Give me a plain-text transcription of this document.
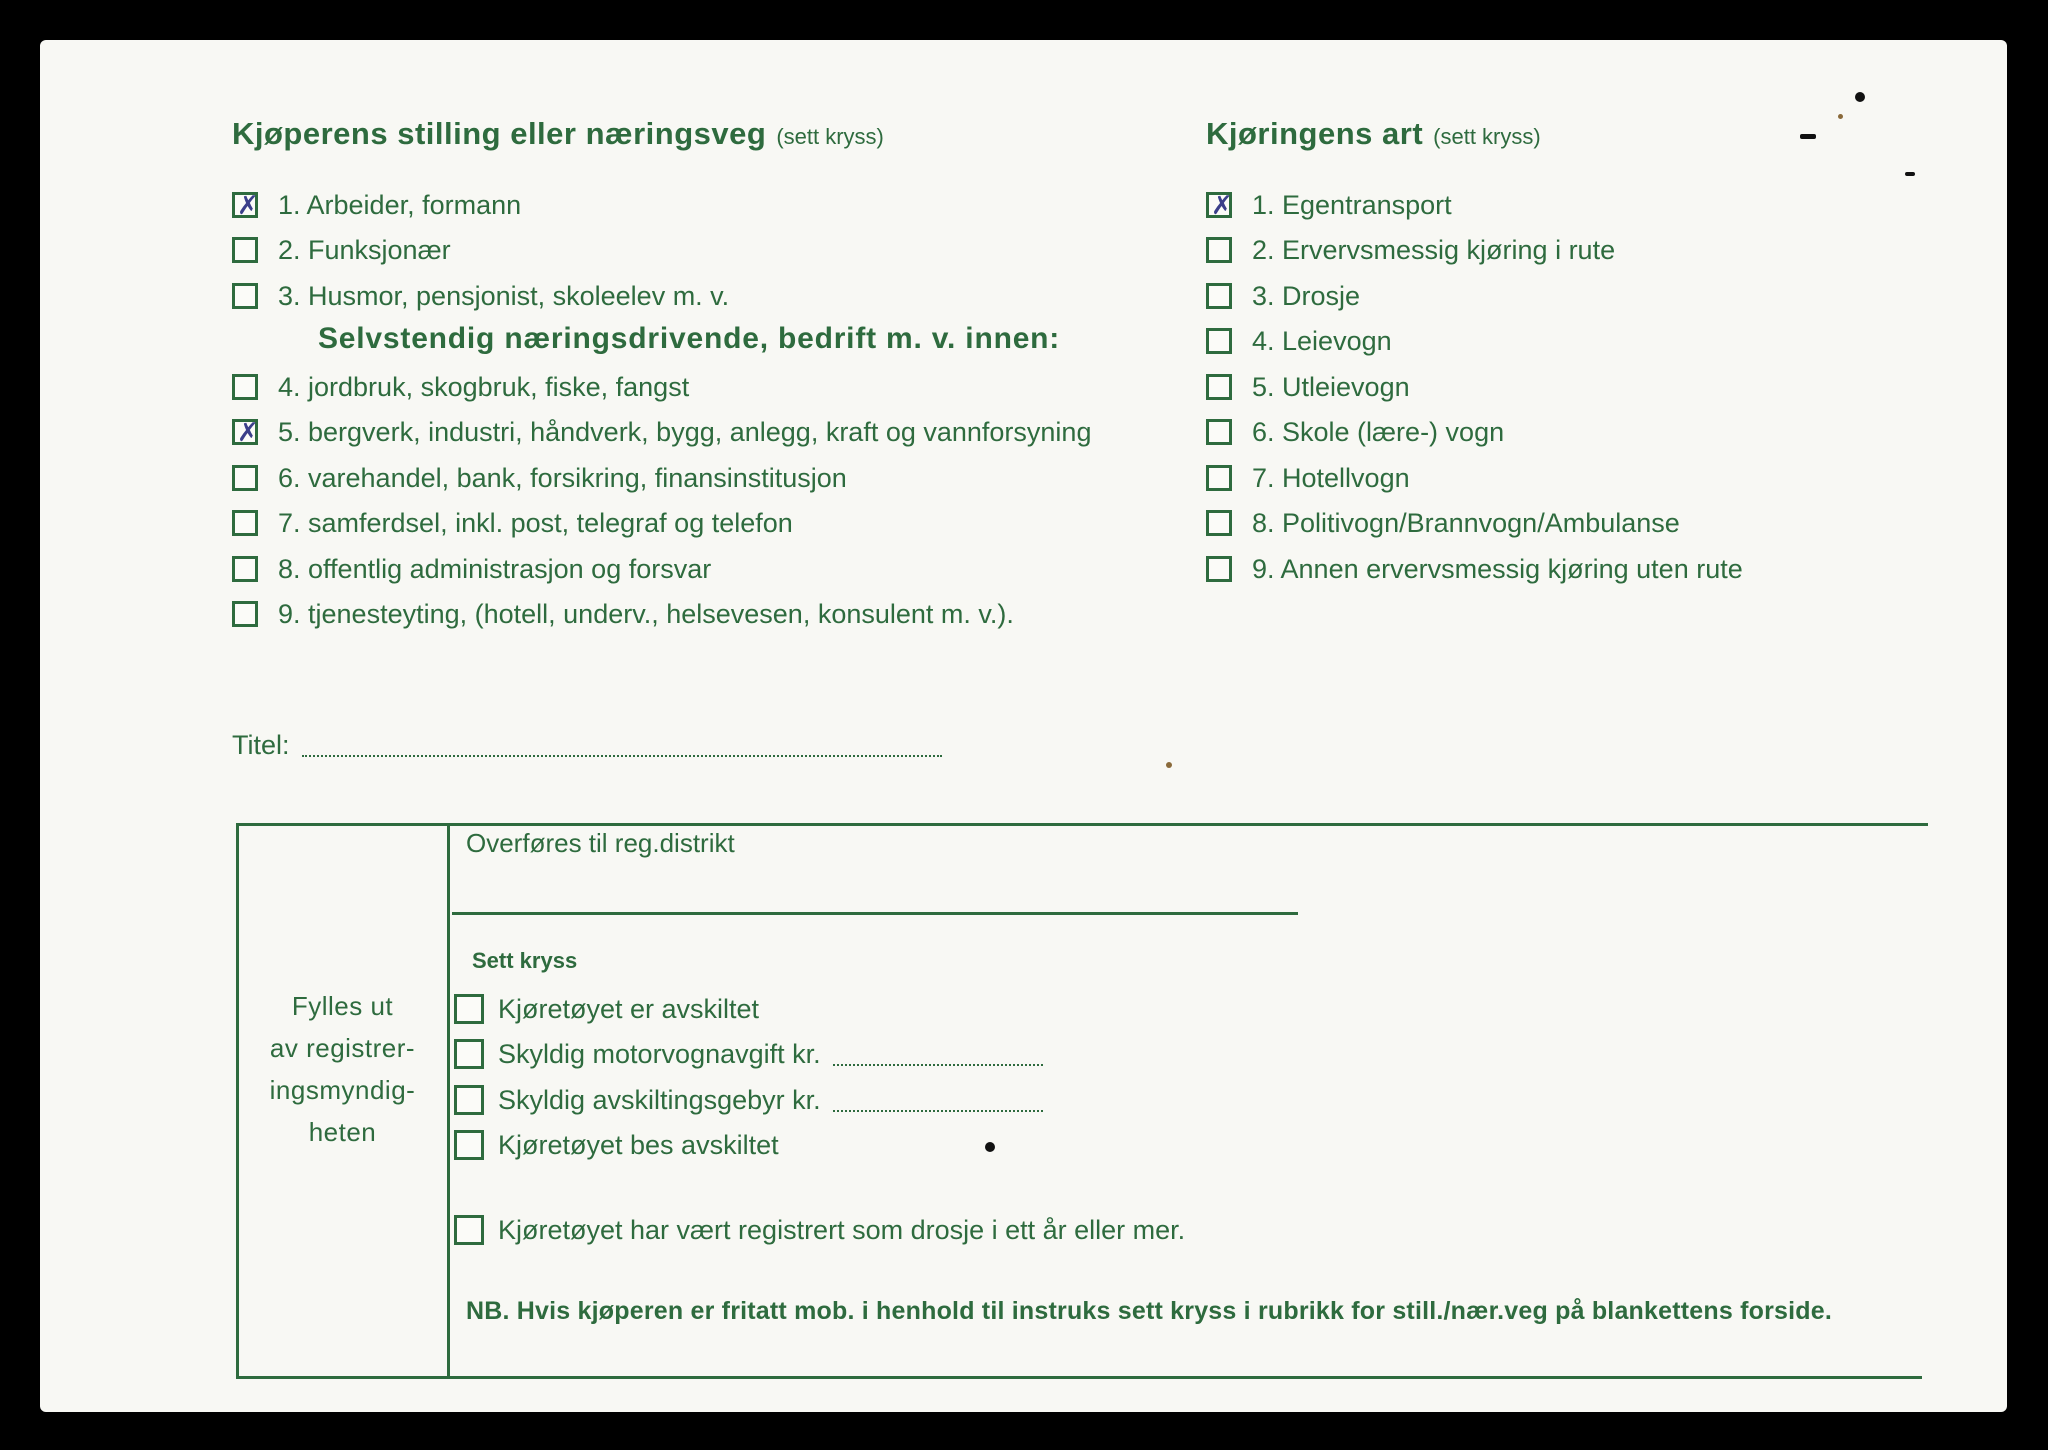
Kjøperens stilling eller næringsveg (sett kryss)	Kjøringens art (sett kryss)
✗ 1. Arbeider, formann
2. Funksjonær
3. Husmor, pensjonist, skoleelev m. v.
Selvstendig næringsdrivende, bedrift m. v. innen:
4. jordbruk, skogbruk, fiske, fangst
✗ 5. bergverk, industri, håndverk, bygg, anlegg, kraft og vannforsyning
6. varehandel, bank, forsikring, finansinstitusjon
7. samferdsel, inkl. post, telegraf og telefon
8. offentlig administrasjon og forsvar
9. tjenesteyting, (hotell, underv., helsevesen, konsulent m. v.).
✗ 1. Egentransport
2. Ervervsmessig kjøring i rute
3. Drosje
4. Leievogn
5. Utleievogn
6. Skole (lære-) vogn
7. Hotellvogn
8. Politivogn/Brannvogn/Ambulanse
9. Annen ervervsmessig kjøring uten rute
Titel:
Fylles ut
av registrer-
ingsmyndig-
heten
Overføres til reg.distrikt
Sett kryss
Kjøretøyet er avskiltet
Skyldig motorvognavgift kr.
Skyldig avskiltingsgebyr kr.
Kjøretøyet bes avskiltet
Kjøretøyet har vært registrert som drosje i ett år eller mer.
NB. Hvis kjøperen er fritatt mob. i henhold til instruks sett kryss i rubrikk for still./nær.veg på blankettens forside.
